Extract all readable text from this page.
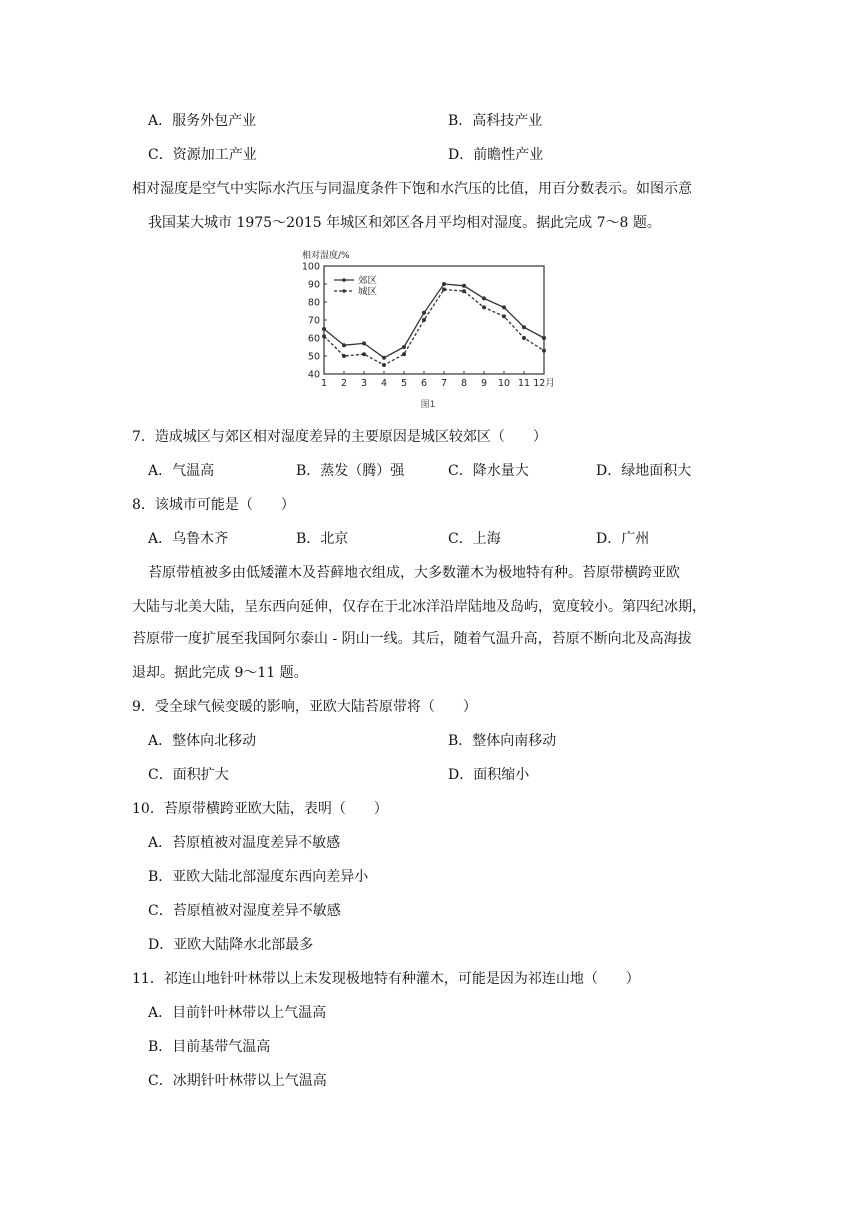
A．服务外包产业	B．高科技产业
C．资源加工产业	D．前瞻性产业
相对湿度是空气中实际水汽压与同温度条件下饱和水汽压的比值，用百分数表示。如图示意
我国某大城市 1975～2015 年城区和郊区各月平均相对湿度。据此完成 7～8 题。
郊区
城区
40
50
60
70
80
90
100
1 2 3 4 5 6 7 8 9 10 11 12月
相对湿度/%
图1
7．造成城区与郊区相对湿度差异的主要原因是城区较郊区（　　）
A．气温高	B．蒸发（腾）强	C．降水量大	D．绿地面积大
8．该城市可能是（　　）
A．乌鲁木齐	B．北京	C．上海	D．广州
苔原带植被多由低矮灌木及苔藓地衣组成，大多数灌木为极地特有种。苔原带横跨亚欧
大陆与北美大陆，呈东西向延伸，仅存在于北冰洋沿岸陆地及岛屿，宽度较小。第四纪冰期，
苔原带一度扩展至我国阿尔泰山 - 阴山一线。其后，随着气温升高，苔原不断向北及高海拔
退却。据此完成 9～11 题。
9．受全球气候变暖的影响，亚欧大陆苔原带将（　　）
A．整体向北移动	B．整体向南移动
C．面积扩大	D．面积缩小
10．苔原带横跨亚欧大陆，表明（　　）
A．苔原植被对温度差异不敏感
B．亚欧大陆北部湿度东西向差异小
C．苔原植被对湿度差异不敏感
D．亚欧大陆降水北部最多
11．祁连山地针叶林带以上未发现极地特有种灌木，可能是因为祁连山地（　　）
A．目前针叶林带以上气温高
B．目前基带气温高
C．冰期针叶林带以上气温高
